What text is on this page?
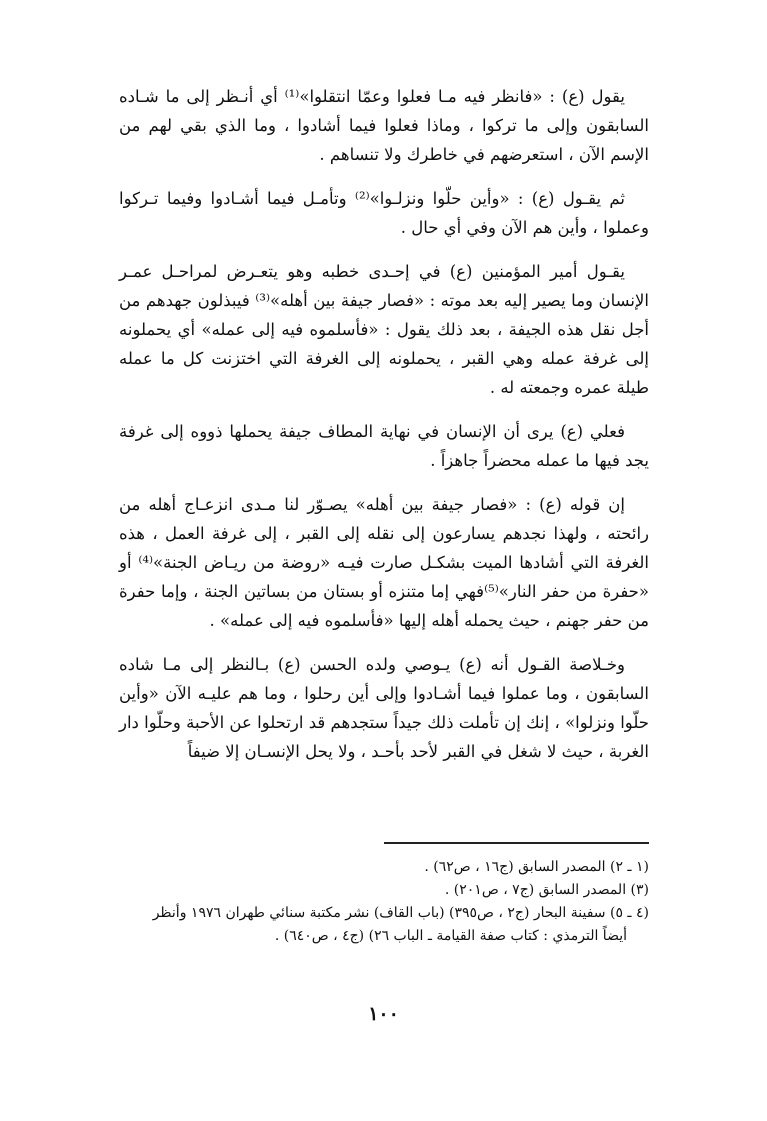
يقول (ع) : «فانظر فيه مـا فعلوا وعمّا انتقلوا»⁽¹⁾ أي أنـظر إلى ما شـاده السابقون وإلى ما تركوا ، وماذا فعلوا فيما أشادوا ، وما الذي بقي لهم من الإسم الآن ، استعرضهم في خاطرك ولا تنساهم .

ثم يقـول (ع) : «وأين حلّوا ونزلـوا»⁽²⁾ وتأمـل فيما أشـادوا وفيما تـركوا وعملوا ، وأين هم الآن وفي أي حال .

يقـول أمير المؤمنين (ع) في إحـدى خطبه وهو يتعـرض لمراحـل عمـر الإنسان وما يصير إليه بعد موته : «فصار جيفة بين أهله»⁽³⁾ فيبذلون جهدهم من أجل نقل هذه الجيفة ، بعد ذلك يقول : «فأسلموه فيه إلى عمله» أي يحملونه إلى غرفة عمله وهي القبر ، يحملونه إلى الغرفة التي اختزنت كل ما عمله طيلة عمره وجمعته له .

فعلي (ع) يرى أن الإنسان في نهاية المطاف جيفة يحملها ذووه إلى غرفة يجد فيها ما عمله محضراً جاهزاً .

إن قوله (ع) : «فصار جيفة بين أهله» يصـوّر لنا مـدى انزعـاج أهله من رائحته ، ولهذا نجدهم يسارعون إلى نقله إلى القبر ، إلى غرفة العمل ، هذه الغرفة التي أشادها الميت بشكـل صارت فيـه «روضة من ريـاض الجنة»⁽⁴⁾ أو «حفرة من حفر النار»⁽⁵⁾فهي إما متنزه أو بستان من بساتين الجنة ، وإما حفرة من حفر جهنم ، حيث يحمله أهله إليها «فأسلموه فيه إلى عمله» .

وخـلاصة القـول أنه (ع) يـوصي ولده الحسن (ع) بـالنظر إلى مـا شاده السابقون ، وما عملوا فيما أشـادوا وإلى أين رحلوا ، وما هم عليـه الآن «وأين حلّوا ونزلوا» ، إنك إن تأملت ذلك جيداً ستجدهم قد ارتحلوا عن الأحبة وحلّوا دار الغربة ، حيث لا شغل في القبر لأحد بأحـد ، ولا يحل الإنسـان إلا ضيفاً

(١ ـ ٢) المصدر السابق (ج١٦ ، ص٦٢) .

(٣) المصدر السابق (ج٧ ، ص٢٠١) .

(٤ ـ ٥) سفينة البحار (ج٢ ، ص٣٩٥) (باب القاف) نشر مكتبة سنائي طهران ١٩٧٦ وأنظر

أيضاً الترمذي : كتاب صفة القيامة ـ الباب ٢٦) (ج٤ ، ص٦٤٠) .

١٠٠
